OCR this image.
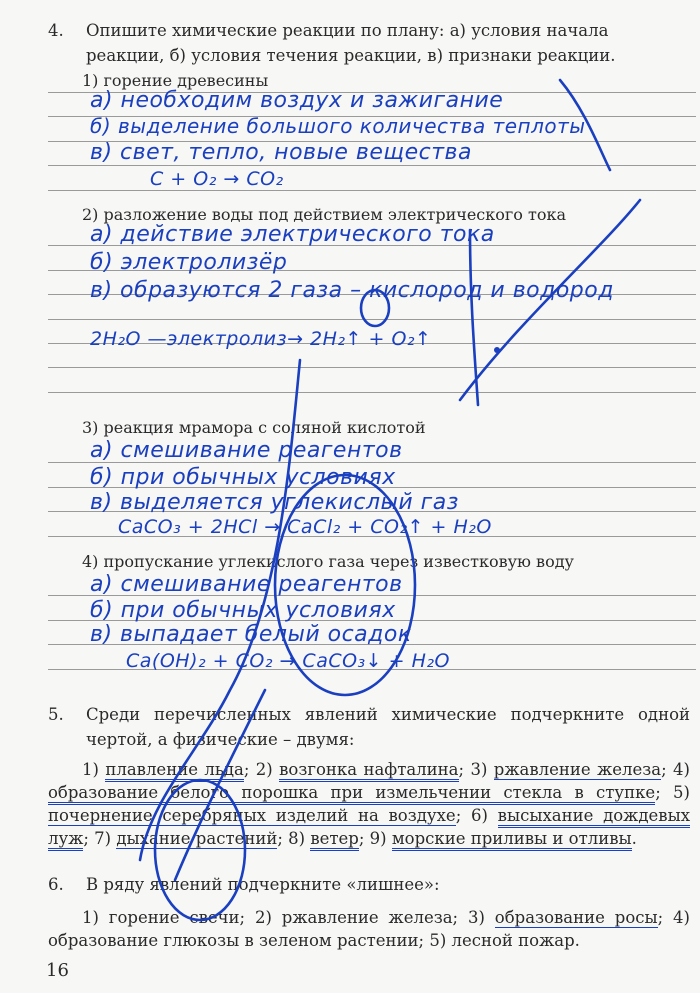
4. Опишите химические реакции по плану: а) условия начала реакции, б) условия течения реакции, в) признаки реакции.
1) горение древесины
а) необходим воздух и зажигание
б) выделение большого количества теплоты
в) свет, тепло, новые вещества
C + O₂ → CO₂
2) разложение воды под действием электрического тока
а) действие электрического тока
б) электролизёр
в) образуются 2 газа – кислород и водород
2H₂O —электролиз→ 2H₂↑ + O₂↑
3) реакция мрамора с соляной кислотой
а) смешивание реагентов
б) при обычных условиях
в) выделяется углекислый газ
CaCO₃ + 2HCl → CaCl₂ + CO₂↑ + H₂O
4) пропускание углекислого газа через известковую воду
а) смешивание реагентов
б) при обычных условиях
в) выпадает белый осадок
Ca(OH)₂ + CO₂ → CaCO₃↓ + H₂O
5. Среди перечисленных явлений химические подчеркните одной чертой, а физические – двумя:
1) плавление льда; 2) возгонка нафталина; 3) ржавление железа; 4) образование белого порошка при измельчении стекла в ступке; 5) почернение серебряных изделий на воздухе; 6) высыхание дождевых луж; 7) дыхание растений; 8) ветер; 9) морские приливы и отливы.
6. В ряду явлений подчеркните «лишнее»:
1) горение свечи; 2) ржавление железа; 3) образование росы; 4) образование глюкозы в зеленом растении; 5) лесной пожар.
16
